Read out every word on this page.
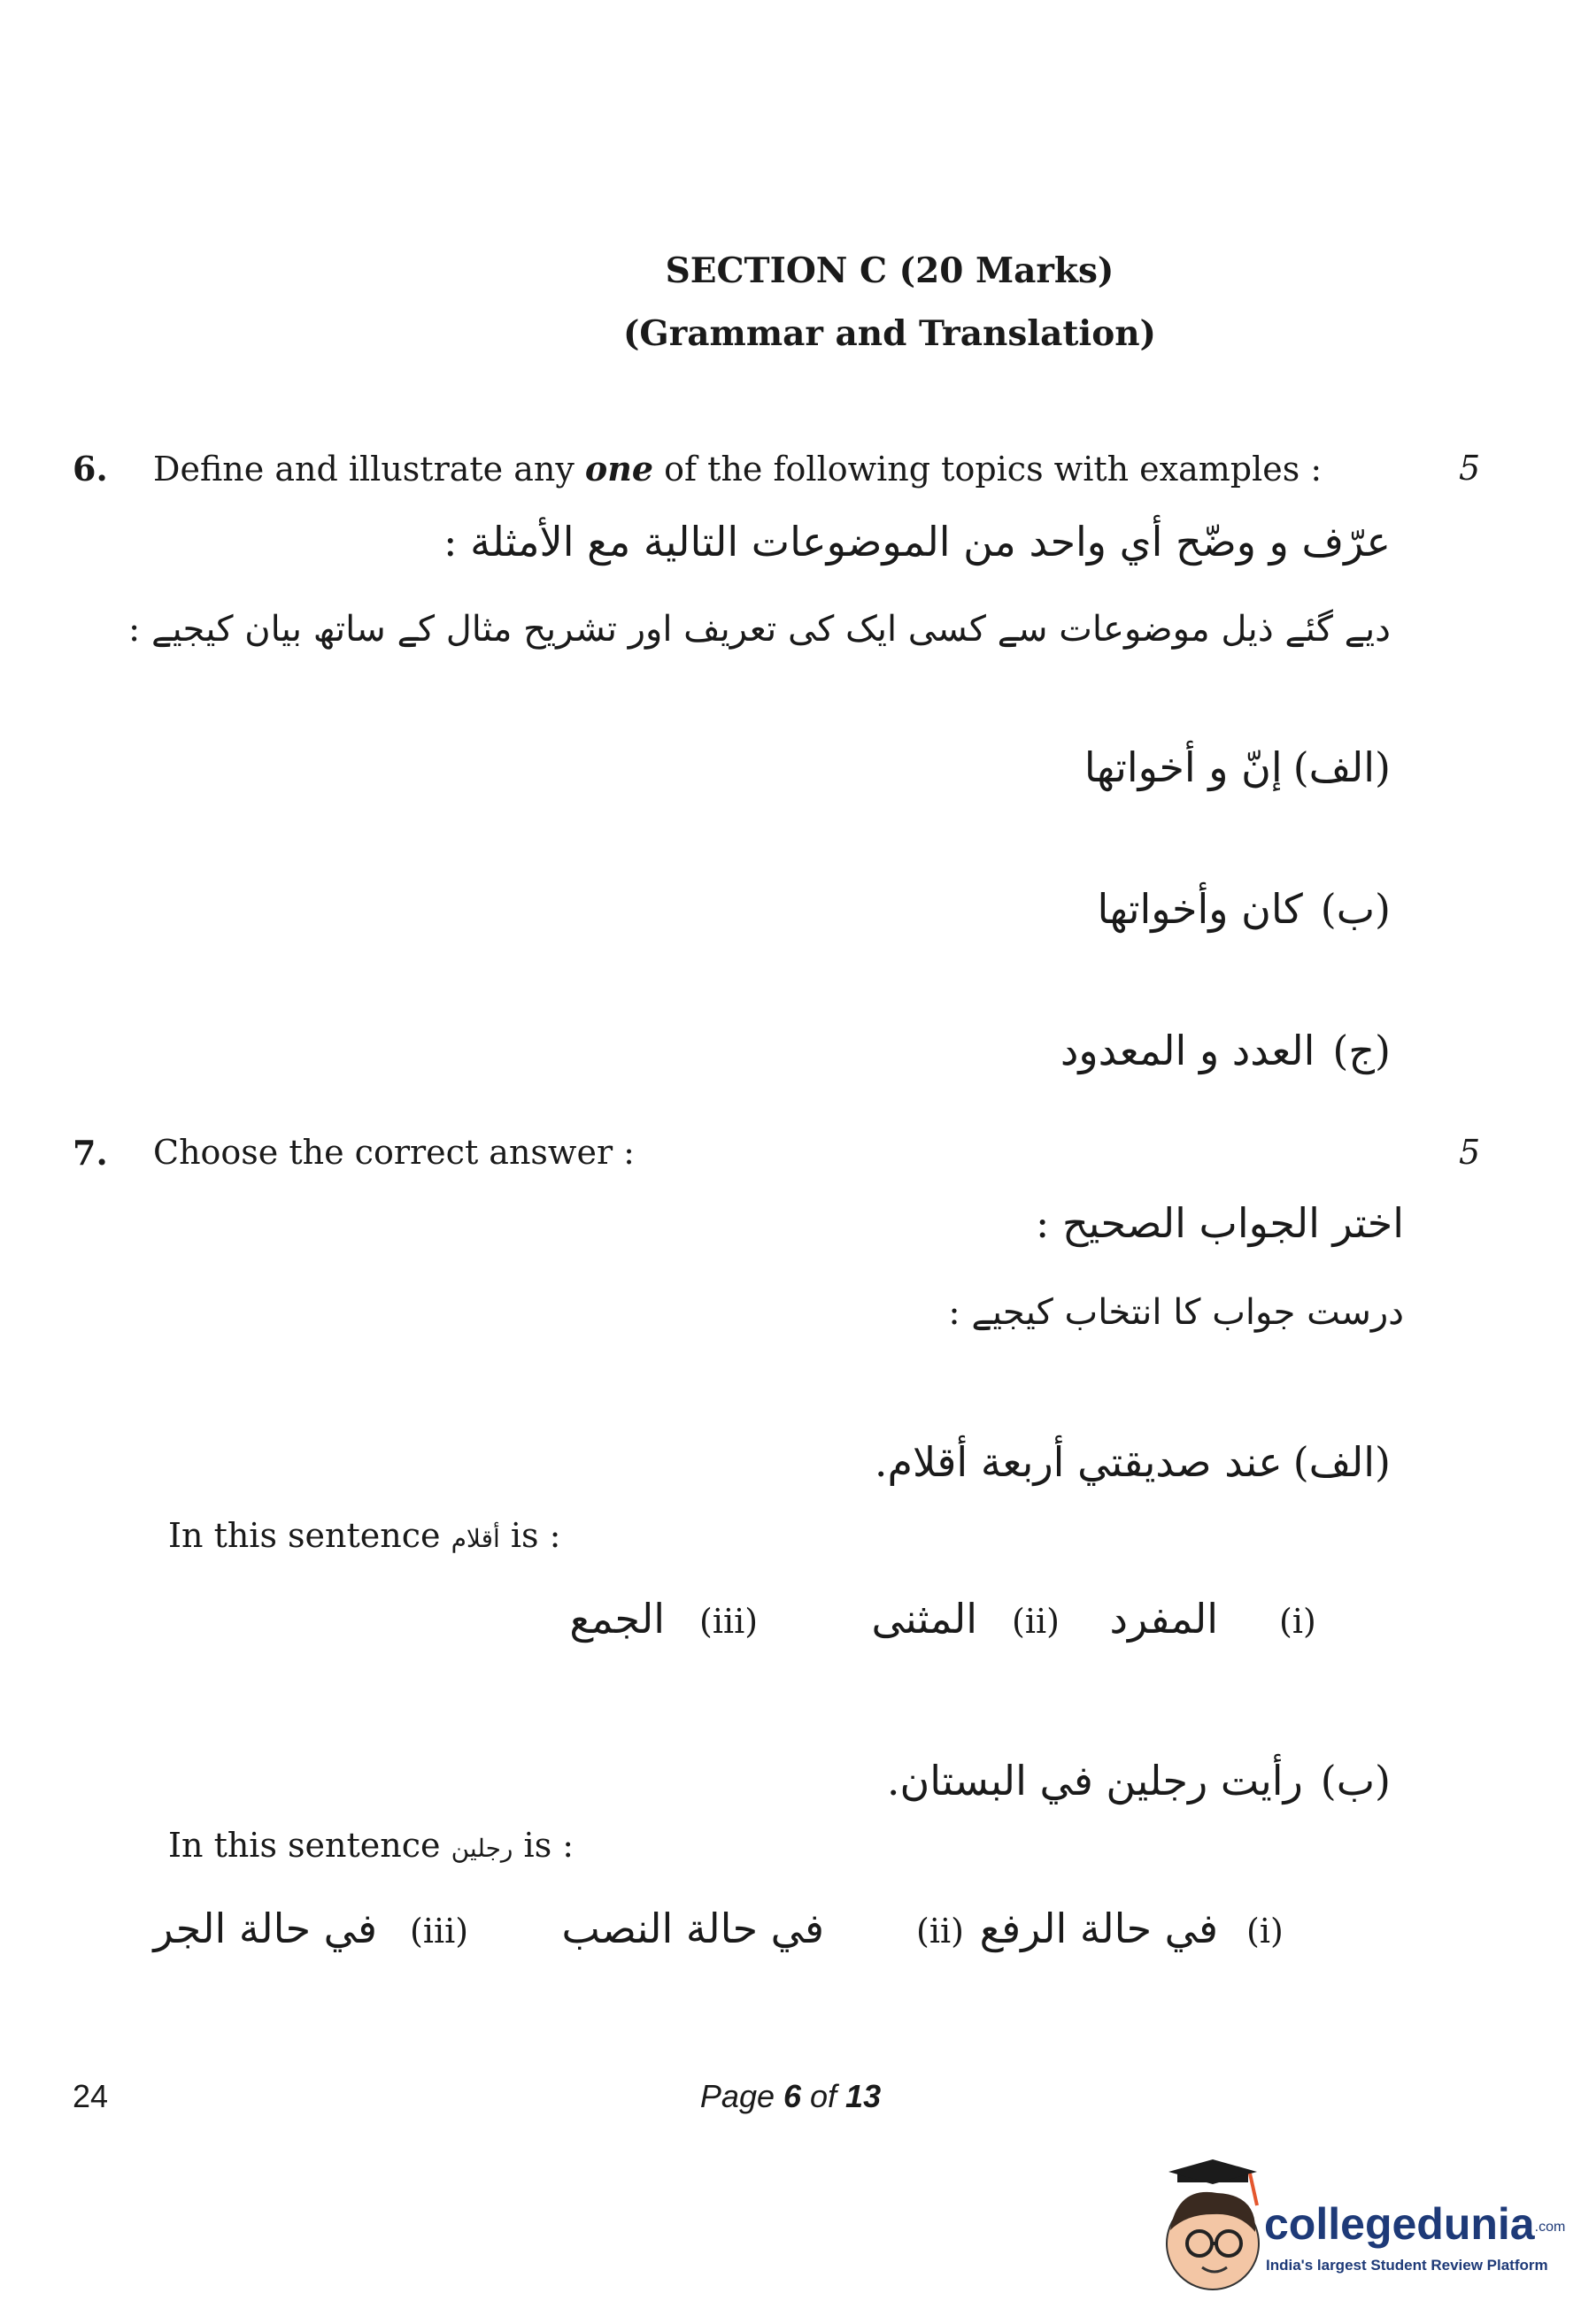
SECTION C (20 Marks)
(Grammar and Translation)
6. Define and illustrate any one of the following topics with examples :	5
عرّف و وضّح أي واحد من الموضوعات التالية مع الأمثلة :
دیے گئے ذیل موضوعات سے کسی ایک کی تعریف اور تشریح مثال کے ساتھ بیان کیجیے :
(الف)   إنّ و أخواتها
(ب)     كان وأخواتها
(ج)     العدد و المعدود
7. Choose the correct answer :	5
اختر الجواب الصحيح :
درست جواب کا انتخاب کیجیے :
(الف)   عند صديقتي أربعة أقلام.
In this sentence أقلام is :
(i)
المفرد
(ii)
المثنى
(iii)
الجمع
(ب)     رأيت رجلين في البستان.
In this sentence رجلين is :
(i)
في حالة الرفع
(ii)
في حالة النصب
(iii)
في حالة الجر
24	Page 6 of 13
collegedunia.com
India's largest Student Review Platform
